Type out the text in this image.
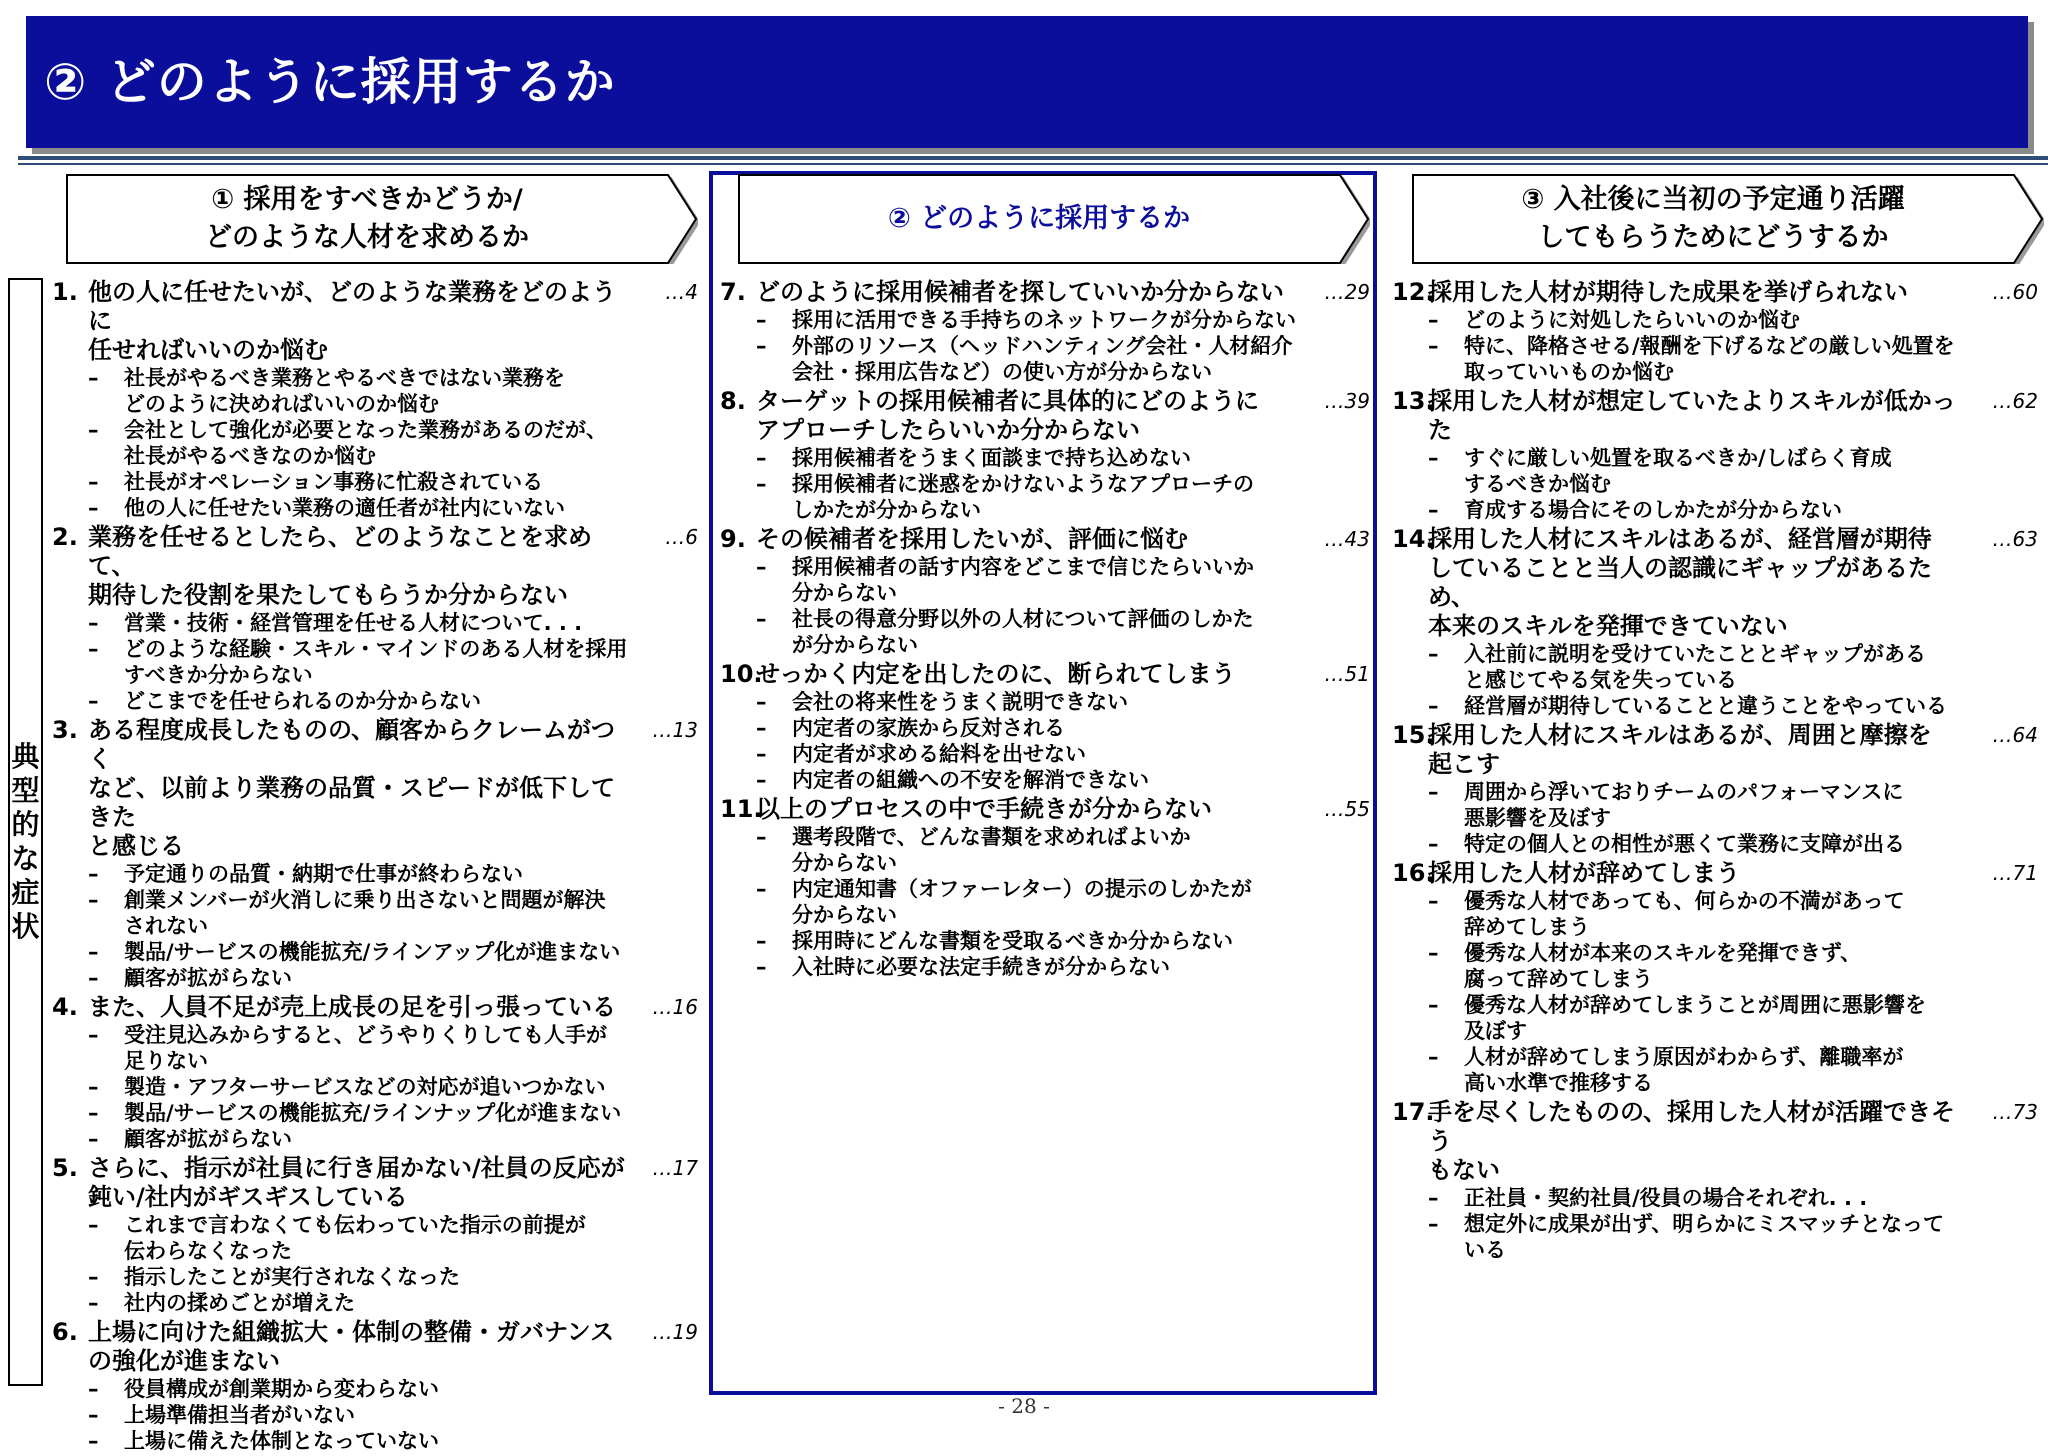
② どのように採用するか
① 採用をすべきかどうか/
どのような人材を求めるか
② どのように採用するか
③ 入社後に当初の予定通り活躍
してもらうためにどうするか
典型的な症状
1. 他の人に任せたいが、どのような業務をどのように
任せればいいのか悩む
…4
–	社長がやるべき業務とやるべきではない業務を
どのように決めればいいのか悩む
–	会社として強化が必要となった業務があるのだが、
社長がやるべきなのか悩む
–	社長がオペレーション事務に忙殺されている
–	他の人に任せたい業務の適任者が社内にいない
2. 業務を任せるとしたら、どのようなことを求めて、
期待した役割を果たしてもらうか分からない
…6
–	営業・技術・経営管理を任せる人材について. . .
–	どのような経験・スキル・マインドのある人材を採用
すべきか分からない
–	どこまでを任せられるのか分からない
3. ある程度成長したものの、顧客からクレームがつく
など、以前より業務の品質・スピードが低下してきた
と感じる
…13
–	予定通りの品質・納期で仕事が終わらない
–	創業メンバーが火消しに乗り出さないと問題が解決
されない
–	製品/サービスの機能拡充/ラインアップ化が進まない
–	顧客が拡がらない
4. また、人員不足が売上成長の足を引っ張っている	…16
–	受注見込みからすると、どうやりくりしても人手が
足りない
–	製造・アフターサービスなどの対応が追いつかない
–	製品/サービスの機能拡充/ラインナップ化が進まない
–	顧客が拡がらない
5. さらに、指示が社員に行き届かない/社員の反応が
鈍い/社内がギスギスしている
…17
–	これまで言わなくても伝わっていた指示の前提が
伝わらなくなった
–	指示したことが実行されなくなった
–	社内の揉めごとが増えた
6. 上場に向けた組織拡大・体制の整備・ガバナンス
の強化が進まない
…19
–	役員構成が創業期から変わらない
–	上場準備担当者がいない
–	上場に備えた体制となっていない
7. どのように採用候補者を探していいか分からない	…29
–	採用に活用できる手持ちのネットワークが分からない
–	外部のリソース（ヘッドハンティング会社・人材紹介
会社・採用広告など）の使い方が分からない
8. ターゲットの採用候補者に具体的にどのように
アプローチしたらいいか分からない
…39
–	採用候補者をうまく面談まで持ち込めない
–	採用候補者に迷惑をかけないようなアプローチの
しかたが分からない
9. その候補者を採用したいが、評価に悩む	…43
–	採用候補者の話す内容をどこまで信じたらいいか
分からない
–	社長の得意分野以外の人材について評価のしかた
が分からない
10.
せっかく内定を出したのに、断られてしまう	…51
–	会社の将来性をうまく説明できない
–	内定者の家族から反対される
–	内定者が求める給料を出せない
–	内定者の組織への不安を解消できない
11.
以上のプロセスの中で手続きが分からない	…55
–	選考段階で、どんな書類を求めればよいか
分からない
–	内定通知書（オファーレター）の提示のしかたが
分からない
–	採用時にどんな書類を受取るべきか分からない
–	入社時に必要な法定手続きが分からない
12.
採用した人材が期待した成果を挙げられない	…60
–	どのように対処したらいいのか悩む
–	特に、降格させる/報酬を下げるなどの厳しい処置を
取っていいものか悩む
13.
採用した人材が想定していたよりスキルが低かった
…62
–	すぐに厳しい処置を取るべきか/しばらく育成
するべきか悩む
–	育成する場合にそのしかたが分からない
14.
採用した人材にスキルはあるが、経営層が期待
していることと当人の認識にギャップがあるため、
本来のスキルを発揮できていない
…63
–	入社前に説明を受けていたこととギャップがある
と感じてやる気を失っている
–	経営層が期待していることと違うことをやっている
15.
採用した人材にスキルはあるが、周囲と摩擦を
起こす
…64
–	周囲から浮いておりチームのパフォーマンスに
悪影響を及ぼす
–	特定の個人との相性が悪くて業務に支障が出る
16.
採用した人材が辞めてしまう	…71
–	優秀な人材であっても、何らかの不満があって
辞めてしまう
–	優秀な人材が本来のスキルを発揮できず、
腐って辞めてしまう
–	優秀な人材が辞めてしまうことが周囲に悪影響を
及ぼす
–	人材が辞めてしまう原因がわからず、離職率が
高い水準で推移する
17.
手を尽くしたものの、採用した人材が活躍できそう
もない
…73
–	正社員・契約社員/役員の場合それぞれ. . .
–	想定外に成果が出ず、明らかにミスマッチとなって
いる
- 28 -
